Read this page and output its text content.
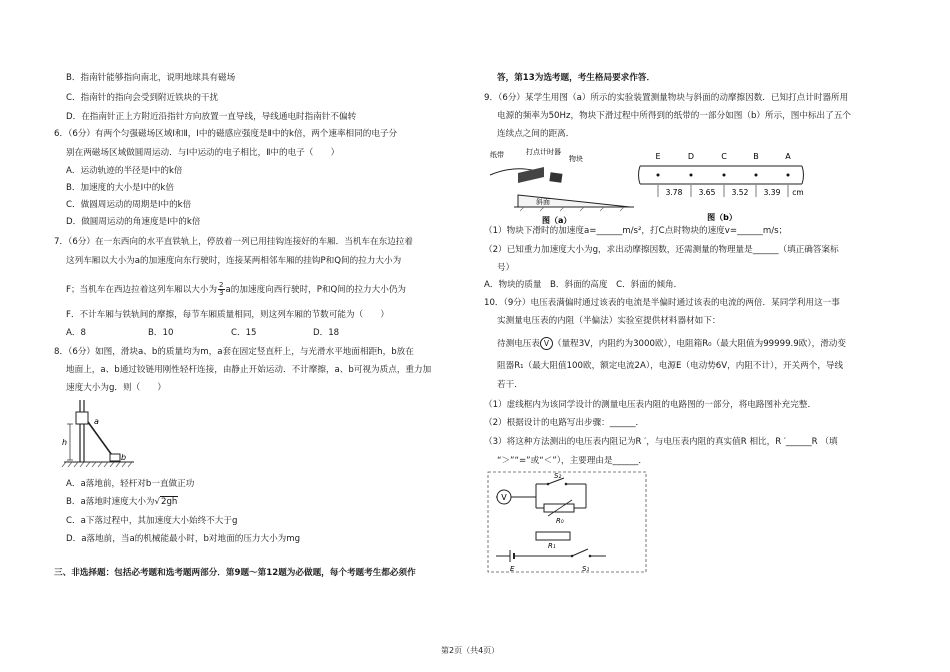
B．指南针能够指向南北，说明地球具有磁场
C．指南针的指向会受到附近铁块的干扰
D．在指南针正上方附近沿指针方向放置一直导线，导线通电时指南针不偏转
6．（6分）有两个匀强磁场区域Ⅰ和Ⅱ，Ⅰ中的磁感应强度是Ⅱ中的k倍，两个速率相同的电子分
别在两磁场区域做圆周运动．与Ⅰ中运动的电子相比，Ⅱ中的电子（　　）
A．运动轨迹的半径是Ⅰ中的k倍
B．加速度的大小是Ⅰ中的k倍
C．做圆周运动的周期是Ⅰ中的k倍
D．做圆周运动的角速度是Ⅰ中的k倍
7．（6分）在一东西向的水平直铁轨上，停放着一列已用挂钩连接好的车厢．当机车在东边拉着
这列车厢以大小为a的加速度向东行驶时，连接某两相邻车厢的挂钩P和Q间的拉力大小为
F；当机车在西边拉着这列车厢以大小为 $\frac{2}{3}$ a的加速度向西行驶时，P和Q间的拉力大小仍为
F．不计车厢与铁轨间的摩擦，每节车厢质量相同，则这列车厢的节数可能为（　　）
A．8	B．10	C．15	D．18
8．（6分）如图，滑块a、b的质量均为m，a套在固定竖直杆上，与光滑水平地面相距h，b放在
地面上，a、b通过铰链用刚性轻杆连接，由静止开始运动．不计摩擦，a、b可视为质点，重力加
速度大小为g．则（　　）
a
h
b
A．a落地前，轻杆对b一直做正功
B．a落地时速度大小为√2gh
C．a下落过程中，其加速度大小始终不大于g
D．a落地前，当a的机械能最小时，b对地面的压力大小为mg
三、非选择题：包括必考题和选考题两部分．第9题～第12题为必做题，每个考题考生都必须作
答，第13为选考题，考生格局要求作答．
9．（6分）某学生用图（a）所示的实验装置测量物块与斜面的动摩擦因数．已知打点计时器所用
电源的频率为50Hz，物块下滑过程中所得到的纸带的一部分如图（b）所示，图中标出了五个
连续点之间的距离．
纸带	打点计时器
物块
斜面
图（a）
E	D	C	B	A
3.78 3.65 3.52 3.39 cm
图（b）
（1）物块下滑时的加速度a=______m/s²，打C点时物块的速度v=______m/s；
（2）已知重力加速度大小为g，求出动摩擦因数，还需测量的物理量是______（填正确答案标
号）
A．物块的质量　B．斜面的高度　C．斜面的倾角．
10．（9分）电压表满偏时通过该表的电流是半偏时通过该表的电流的两倍．某同学利用这一事
实测量电压表的内阻（半偏法）实验室提供材料器材如下：
待测电压表 V （量程3V，内阻约为3000欧），电阻箱R₀（最大阻值为99999.9欧），滑动变
阻器R₁（最大阻值100欧，额定电流2A），电源E（电动势6V，内阻不计），开关两个，导线
若干．
（1）虚线框内为该同学设计的测量电压表内阻的电路图的一部分，将电路图补充完整．
（2）根据设计的电路写出步骤：______．
（3）将这种方法测出的电压表内阻记为R ′，与电压表内阻的真实值R 相比，R ′______R （填
“＞”“=”或“＜”），主要理由是______．
V
S₂
R₀
R₁
E	S₁
第2页（共4页）
